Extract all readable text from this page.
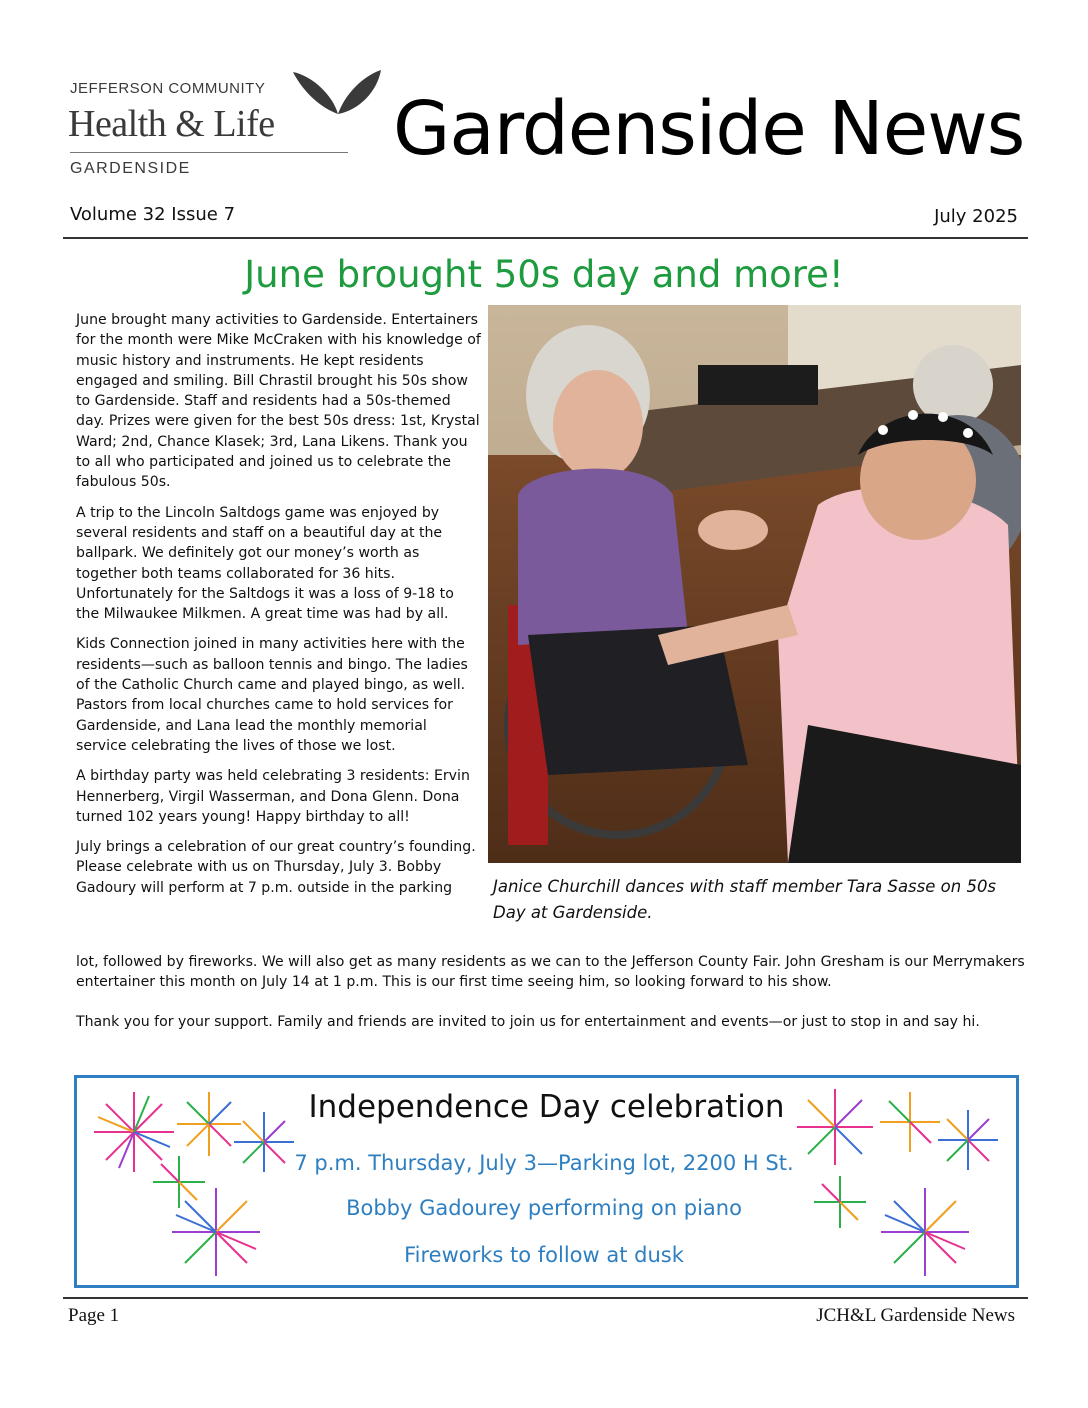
JEFFERSON COMMUNITY
Health & Life
GARDENSIDE	Gardenside News
Volume 32 Issue 7	July 2025
June brought 50s day and more!

June brought many activities to Gardenside. Entertainers for the month were Mike McCraken with his knowledge of music history and instruments. He kept residents engaged and smiling. Bill Chrastil brought his 50s show to Gardenside. Staff and residents had a 50s-themed day. Prizes were given for the best 50s dress: 1st, Krystal Ward; 2nd, Chance Klasek; 3rd, Lana Likens. Thank you to all who participated and joined us to celebrate the fabulous 50s.

A trip to the Lincoln Saltdogs game was enjoyed by several residents and staff on a beautiful day at the ballpark. We definitely got our money’s worth as together both teams collaborated for 36 hits. Unfortunately for the Saltdogs it was a loss of 9-18 to the Milwaukee Milkmen. A great time was had by all.

Kids Connection joined in many activities here with the residents—such as balloon tennis and bingo. The ladies of the Catholic Church came and played bingo, as well. Pastors from local churches came to hold services for Gardenside, and Lana lead the monthly memorial service celebrating the lives of those we lost.

A birthday party was held celebrating 3 residents: Ervin Hennerberg, Virgil Wasserman, and Dona Glenn. Dona turned 102 years young! Happy birthday to all!

July brings a celebration of our great country’s founding. Please celebrate with us on Thursday, July 3. Bobby Gadoury will perform at 7 p.m. outside in the parking

lot, followed by fireworks. We will also get as many residents as we can to the Jefferson County Fair. John Gresham is our Merrymakers entertainer this month on July 14 at 1 p.m. This is our first time seeing him, so looking forward to his show.
Thank you for your support. Family and friends are invited to join us for entertainment and events—or just to stop in and say hi.
Janice Churchill dances with staff member Tara Sasse on 50s Day at Gardenside.
Independence Day celebration
7 p.m. Thursday, July 3—Parking lot, 2200 H St.
Bobby Gadourey performing on piano
Fireworks to follow at dusk
Page 1	JCH&L Gardenside News
